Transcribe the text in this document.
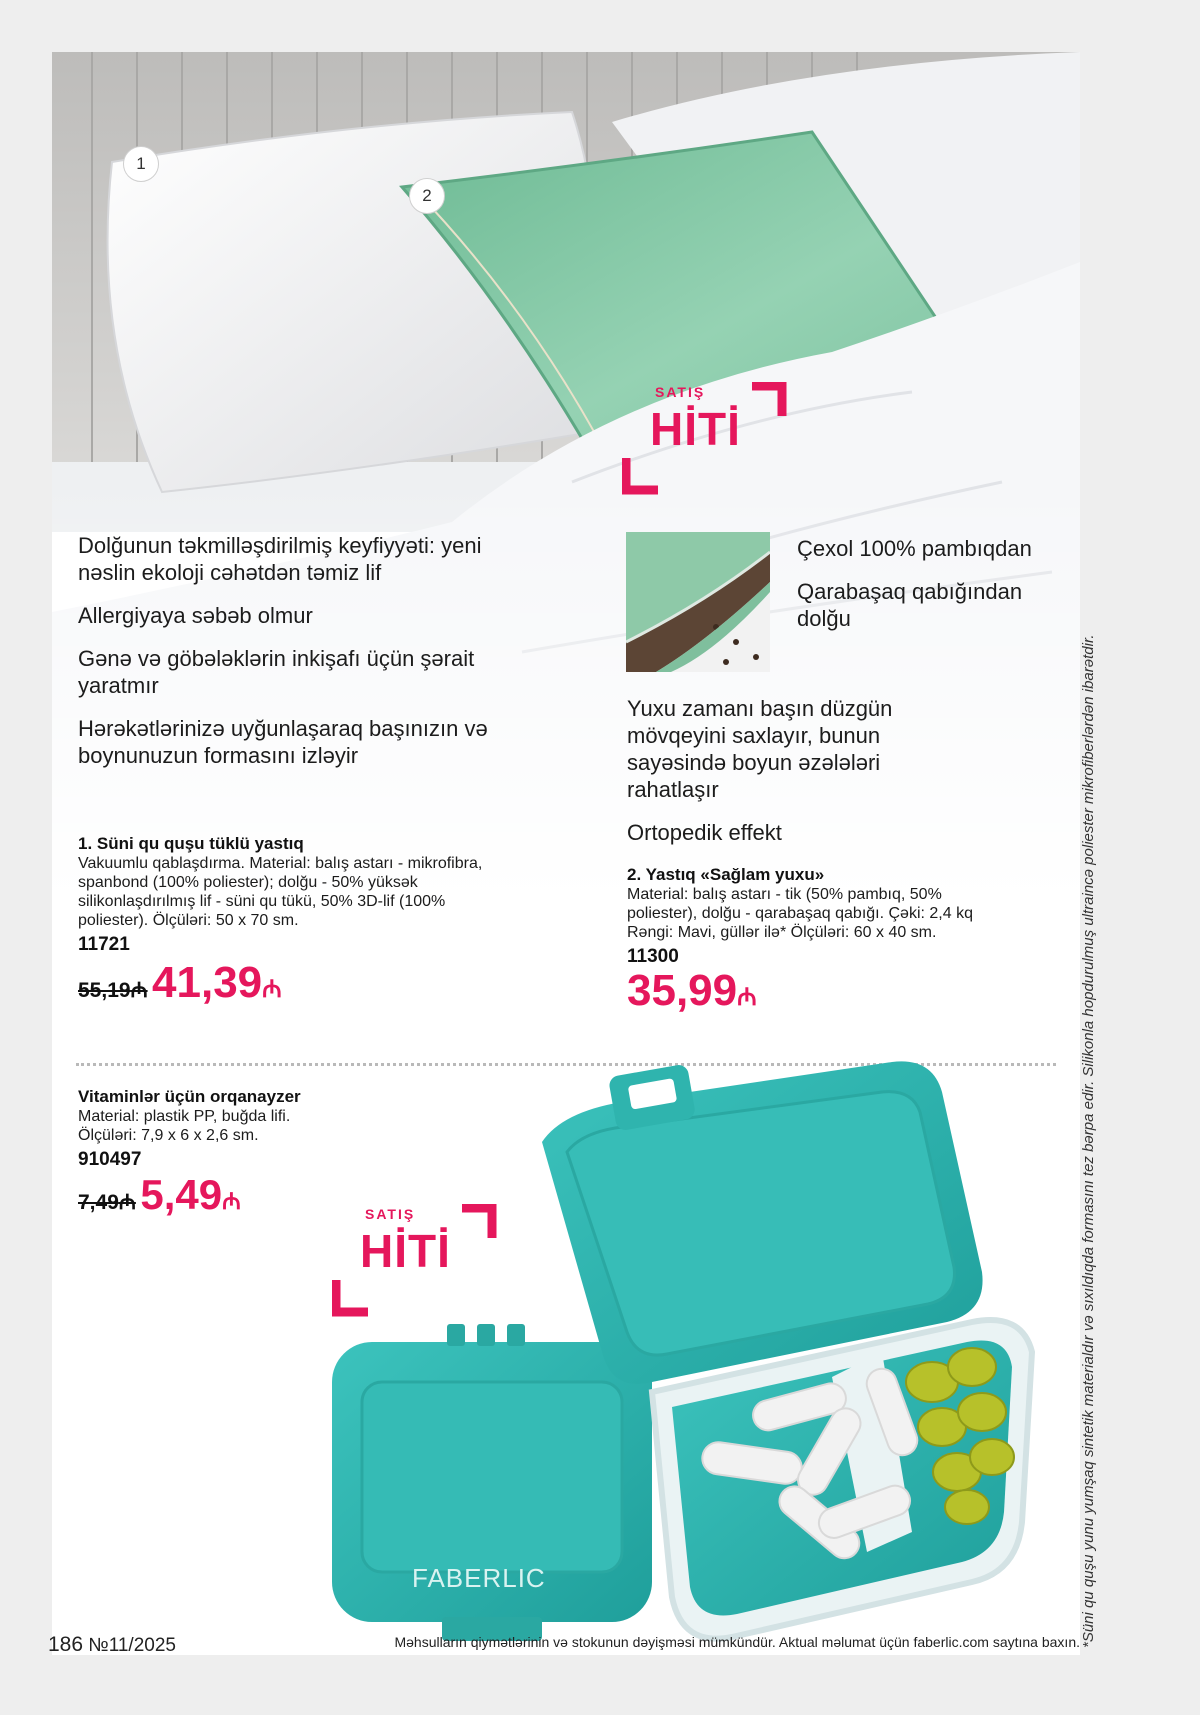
1
2
SATIŞ
HİTİ

Dolğunun təkmilləşdirilmiş keyfiyyəti: yeni nəslin ekoloji cəhətdən təmiz lif

Allergiyaya səbəb olmur

Gənə və göbələklərin inkişafı üçün şərait yaratmır

Hərəkətlərinizə uyğunlaşaraq başınızın və boynunuzun formasını izləyir

Çexol 100% pambıqdan

Qarabaşaq qabığından dolğu

Yuxu zamanı başın düzgün mövqeyini saxlayır, bunun sayəsində boyun əzələləri rahatlaşır

Ortopedik effekt

1. Süni qu quşu tüklü yastıq
Vakuumlu qablaşdırma. Material: balış astarı - mikrofibra, spanbond (100% poliester); dolğu - 50% yüksək silikonlaşdırılmış lif - süni qu tükü, 50% 3D-lif (100% poliester). Ölçüləri: 50 x 70 sm.
11721
55,19₼ 41,39₼
2. Yastıq «Sağlam yuxu»
Material: balış astarı - tik (50% pambıq, 50% poliester), dolğu - qarabaşaq qabığı. Çəki: 2,4 kq Rəngi: Mavi, güllər ilə* Ölçüləri: 60 x 40 sm.
11300
35,99₼
Vitaminlər üçün orqanayzer
Material: plastik PP, buğda lifi. Ölçüləri: 7,9 x 6 x 2,6 sm.
910497
7,49₼ 5,49₼	SATIŞ
HİTİ
FABERLIC	*Süni qu quşu yunu yumşaq sintetik materialdır və sıxıldıqda formasını tez bərpa edir. Silikonla hopdurulmuş ultraincə poliester mikrofiberlərdən ibarətdir.
186 №11/2025	Məhsulların qiymətlərinin və stokunun dəyişməsi mümkündür. Aktual məlumat üçün faberlic.com saytına baxın.
